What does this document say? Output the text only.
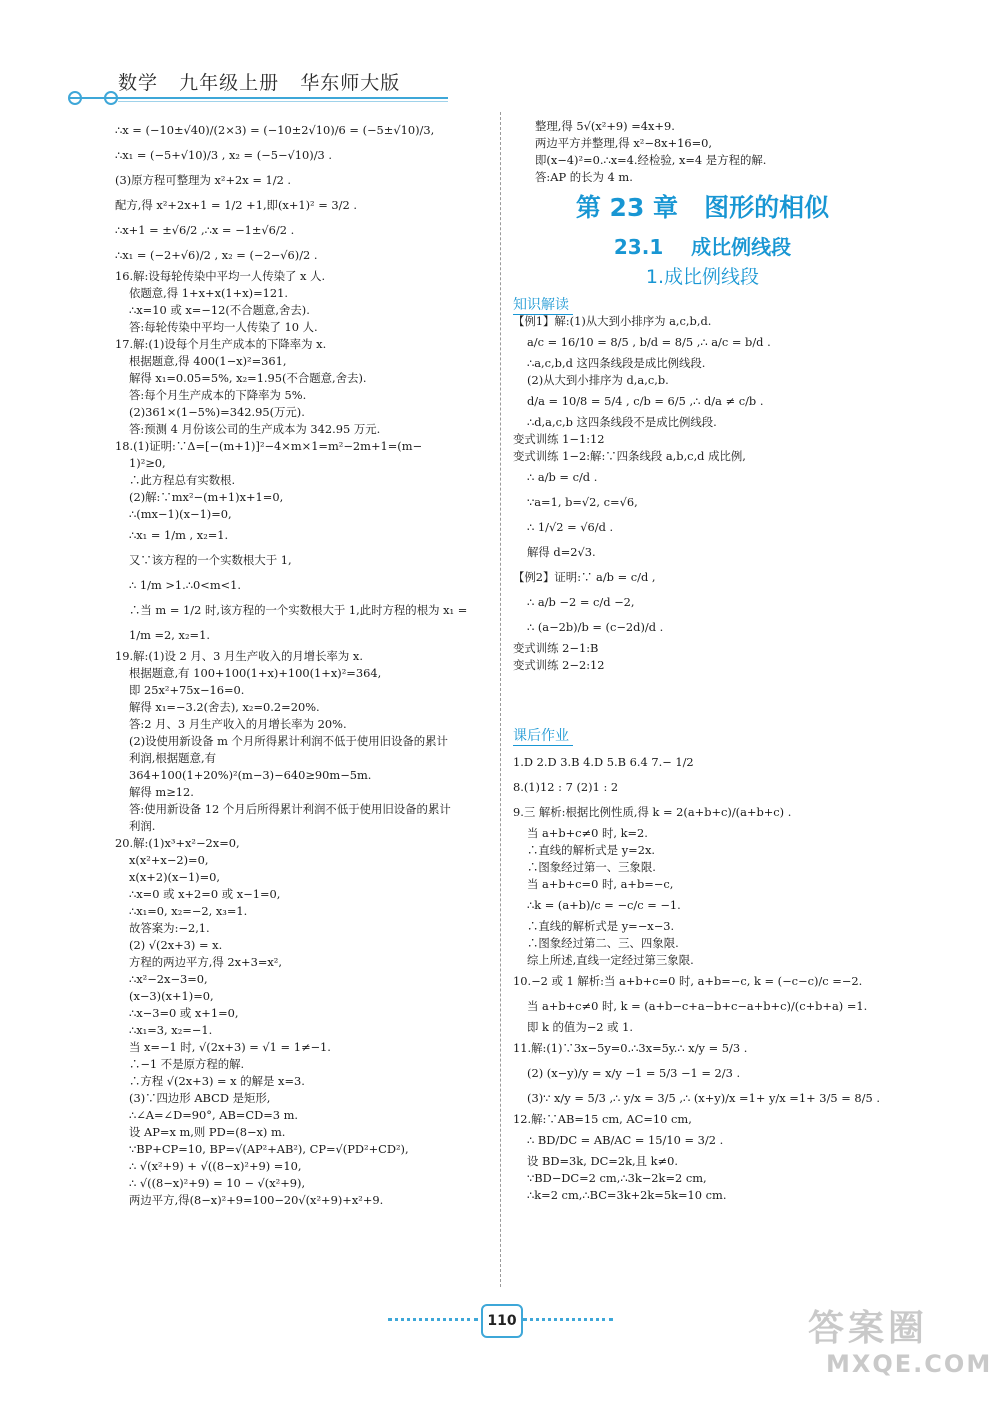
数学   九年级上册   华东师大版
∴x = (−10±√40)/(2×3) = (−10±2√10)/6 = (−5±√10)/3,
∴x₁ = (−5+√10)/3 , x₂ = (−5−√10)/3 .
(3)原方程可整理为 x²+2x = 1/2 .
配方,得 x²+2x+1 = 1/2 +1,即(x+1)² = 3/2 .
∴x+1 = ±√6/2 ,∴x = −1±√6/2 .
∴x₁ = (−2+√6)/2 , x₂ = (−2−√6)/2 .
16.解:设每轮传染中平均一人传染了 x 人.
依题意,得 1+x+x(1+x)=121.
∴x=10 或 x=−12(不合题意,舍去).
答:每轮传染中平均一人传染了 10 人.
17.解:(1)设每个月生产成本的下降率为 x.
根据题意,得 400(1−x)²=361,
解得 x₁=0.05=5%, x₂=1.95(不合题意,舍去).
答:每个月生产成本的下降率为 5%.
(2)361×(1−5%)=342.95(万元).
答:预测 4 月份该公司的生产成本为 342.95 万元.
18.(1)证明:∵Δ=[−(m+1)]²−4×m×1=m²−2m+1=(m−
1)²≥0,
∴此方程总有实数根.
(2)解:∵mx²−(m+1)x+1=0,
∴(mx−1)(x−1)=0,
∴x₁ = 1/m , x₂=1.
又∵该方程的一个实数根大于 1,
∴ 1/m >1.∴0<m<1.
∴当 m = 1/2 时,该方程的一个实数根大于 1,此时方程的根为 x₁ =
1/m =2, x₂=1.
19.解:(1)设 2 月、3 月生产收入的月增长率为 x.
根据题意,有 100+100(1+x)+100(1+x)²=364,
即 25x²+75x−16=0.
解得 x₁=−3.2(舍去), x₂=0.2=20%.
答:2 月、3 月生产收入的月增长率为 20%.
(2)设使用新设备 m 个月所得累计利润不低于使用旧设备的累计
利润,根据题意,有
364+100(1+20%)²(m−3)−640≥90m−5m.
解得 m≥12.
答:使用新设备 12 个月后所得累计利润不低于使用旧设备的累计
利润.
20.解:(1)x³+x²−2x=0,
x(x²+x−2)=0,
x(x+2)(x−1)=0,
∴x=0 或 x+2=0 或 x−1=0,
∴x₁=0, x₂=−2, x₃=1.
故答案为:−2,1.
(2) √(2x+3) = x.
方程的两边平方,得 2x+3=x²,
∴x²−2x−3=0,
(x−3)(x+1)=0,
∴x−3=0 或 x+1=0,
∴x₁=3, x₂=−1.
当 x=−1 时, √(2x+3) = √1 = 1≠−1.
∴−1 不是原方程的解.
∴方程 √(2x+3) = x 的解是 x=3.
(3)∵四边形 ABCD 是矩形,
∴∠A=∠D=90°, AB=CD=3 m.
设 AP=x m,则 PD=(8−x) m.
∵BP+CP=10, BP=√(AP²+AB²), CP=√(PD²+CD²),
∴ √(x²+9) + √((8−x)²+9) =10,
∴ √((8−x)²+9) = 10 − √(x²+9),
两边平方,得(8−x)²+9=100−20√(x²+9)+x²+9.
整理,得 5√(x²+9) =4x+9.
两边平方并整理,得 x²−8x+16=0,
即(x−4)²=0.∴x=4.经检验, x=4 是方程的解.
答:AP 的长为 4 m.
第 23 章   图形的相似
23.1    成比例线段
1.成比例线段
知识解读
【例1】解:(1)从大到小排序为 a,c,b,d.
a/c = 16/10 = 8/5 , b/d = 8/5 ,∴ a/c = b/d .
∴a,c,b,d 这四条线段是成比例线段.
(2)从大到小排序为 d,a,c,b.
d/a = 10/8 = 5/4 , c/b = 6/5 ,∴ d/a ≠ c/b .
∴d,a,c,b 这四条线段不是成比例线段.
变式训练 1−1:12
变式训练 1−2:解:∵四条线段 a,b,c,d 成比例,
∴ a/b = c/d .
∵a=1, b=√2, c=√6,
∴ 1/√2 = √6/d .
解得 d=2√3.
【例2】证明:∵ a/b = c/d ,
∴ a/b −2 = c/d −2,
∴ (a−2b)/b = (c−2d)/d .
变式训练 2−1:B
变式训练 2−2:12
课后作业
1.D 2.D 3.B 4.D 5.B 6.4 7.− 1/2
8.(1)12 : 7 (2)1 : 2
9.三 解析:根据比例性质,得 k = 2(a+b+c)/(a+b+c) .
当 a+b+c≠0 时, k=2.
∴直线的解析式是 y=2x.
∴图象经过第一、三象限.
当 a+b+c=0 时, a+b=−c,
∴k = (a+b)/c = −c/c = −1.
∴直线的解析式是 y=−x−3.
∴图象经过第二、三、四象限.
综上所述,直线一定经过第三象限.
10.−2 或 1 解析:当 a+b+c=0 时, a+b=−c, k = (−c−c)/c =−2.
当 a+b+c≠0 时, k = (a+b−c+a−b+c−a+b+c)/(c+b+a) =1.
即 k 的值为−2 或 1.
11.解:(1)∵3x−5y=0.∴3x=5y.∴ x/y = 5/3 .
(2) (x−y)/y = x/y −1 = 5/3 −1 = 2/3 .
(3)∵ x/y = 5/3 ,∴ y/x = 3/5 ,∴ (x+y)/x =1+ y/x =1+ 3/5 = 8/5 .
12.解:∵AB=15 cm, AC=10 cm,
∴ BD/DC = AB/AC = 15/10 = 3/2 .
设 BD=3k, DC=2k,且 k≠0.
∵BD−DC=2 cm,∴3k−2k=2 cm,
∴k=2 cm,∴BC=3k+2k=5k=10 cm.
110	答案圈
MXQE.COM
